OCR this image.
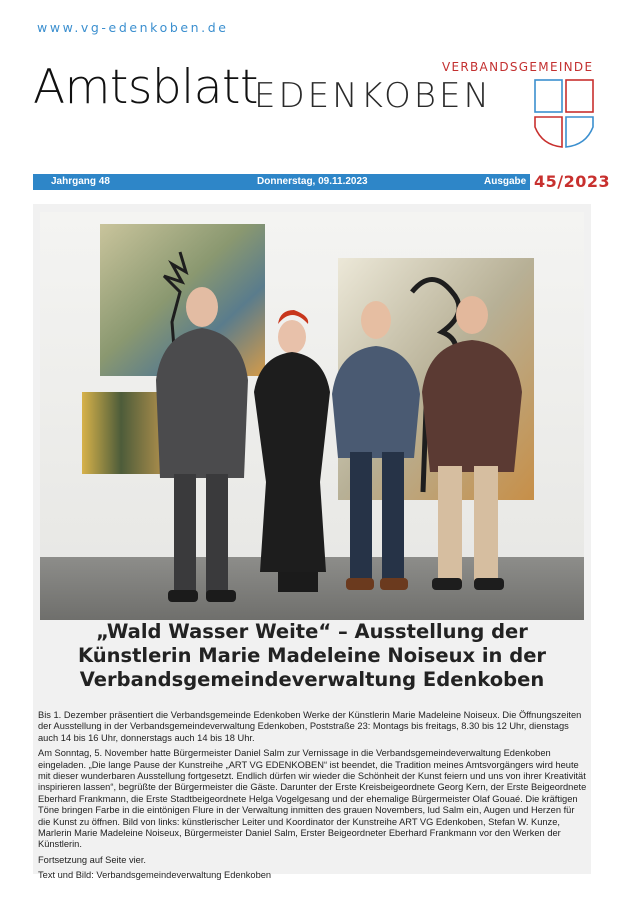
www.vg-edenkoben.de
Amtsblatt	VERBANDSGEMEINDE
EDENKOBEN
Jahrgang 48	Donnerstag, 09.11.2023	Ausgabe 45/2023
„Wald Wasser Weite“ – Ausstellung der
Künstlerin Marie Madeleine Noiseux in der
Verbandsgemeindeverwaltung Edenkoben

Bis 1. Dezember präsentiert die Verbandsgemeinde Edenkoben Werke der Künstlerin Marie Madeleine Noiseux. Die Öffnungszeiten der Ausstellung in der Verbandsgemeindeverwaltung Edenkoben, Poststraße 23: Montags bis freitags, 8.30 bis 12 Uhr, dienstags auch 14 bis 16 Uhr, donnerstags auch 14 bis 18 Uhr.

Am Sonntag, 5. November hatte Bürgermeister Daniel Salm zur Vernissage in die Verbandsgemeindeverwaltung Edenkoben eingeladen. „Die lange Pause der Kunstreihe „ART VG EDENKOBEN“ ist beendet, die Tradition meines Amtsvorgängers wird heute mit dieser wunderbaren Ausstellung fortgesetzt. Endlich dürfen wir wieder die Schönheit der Kunst feiern und uns von ihrer Kreativität inspirieren lassen“, begrüßte der Bürgermeister die Gäste. Darunter der Erste Kreisbeigeordnete Georg Kern, der Erste Beigeordnete Eberhard Frankmann, die Erste Stadtbeigeordnete Helga Vogelgesang und der ehemalige Bürgermeister Olaf Gouaé. Die kräftigen Töne bringen Farbe in die eintönigen Flure in der Verwaltung inmitten des grauen Novembers, lud Salm ein, Augen und Herzen für die Kunst zu öffnen. Bild von links: künstlerischer Leiter und Koordinator der Kunstreihe ART VG Edenkoben, Stefan W. Kunze, Marlerin Marie Madeleine Noiseux, Bürgermeister Daniel Salm, Erster Beigeordneter Eberhard Frankmann vor den Werken der Künstlerin.

Fortsetzung auf Seite vier.

Text und Bild: Verbandsgemeindeverwaltung Edenkoben
